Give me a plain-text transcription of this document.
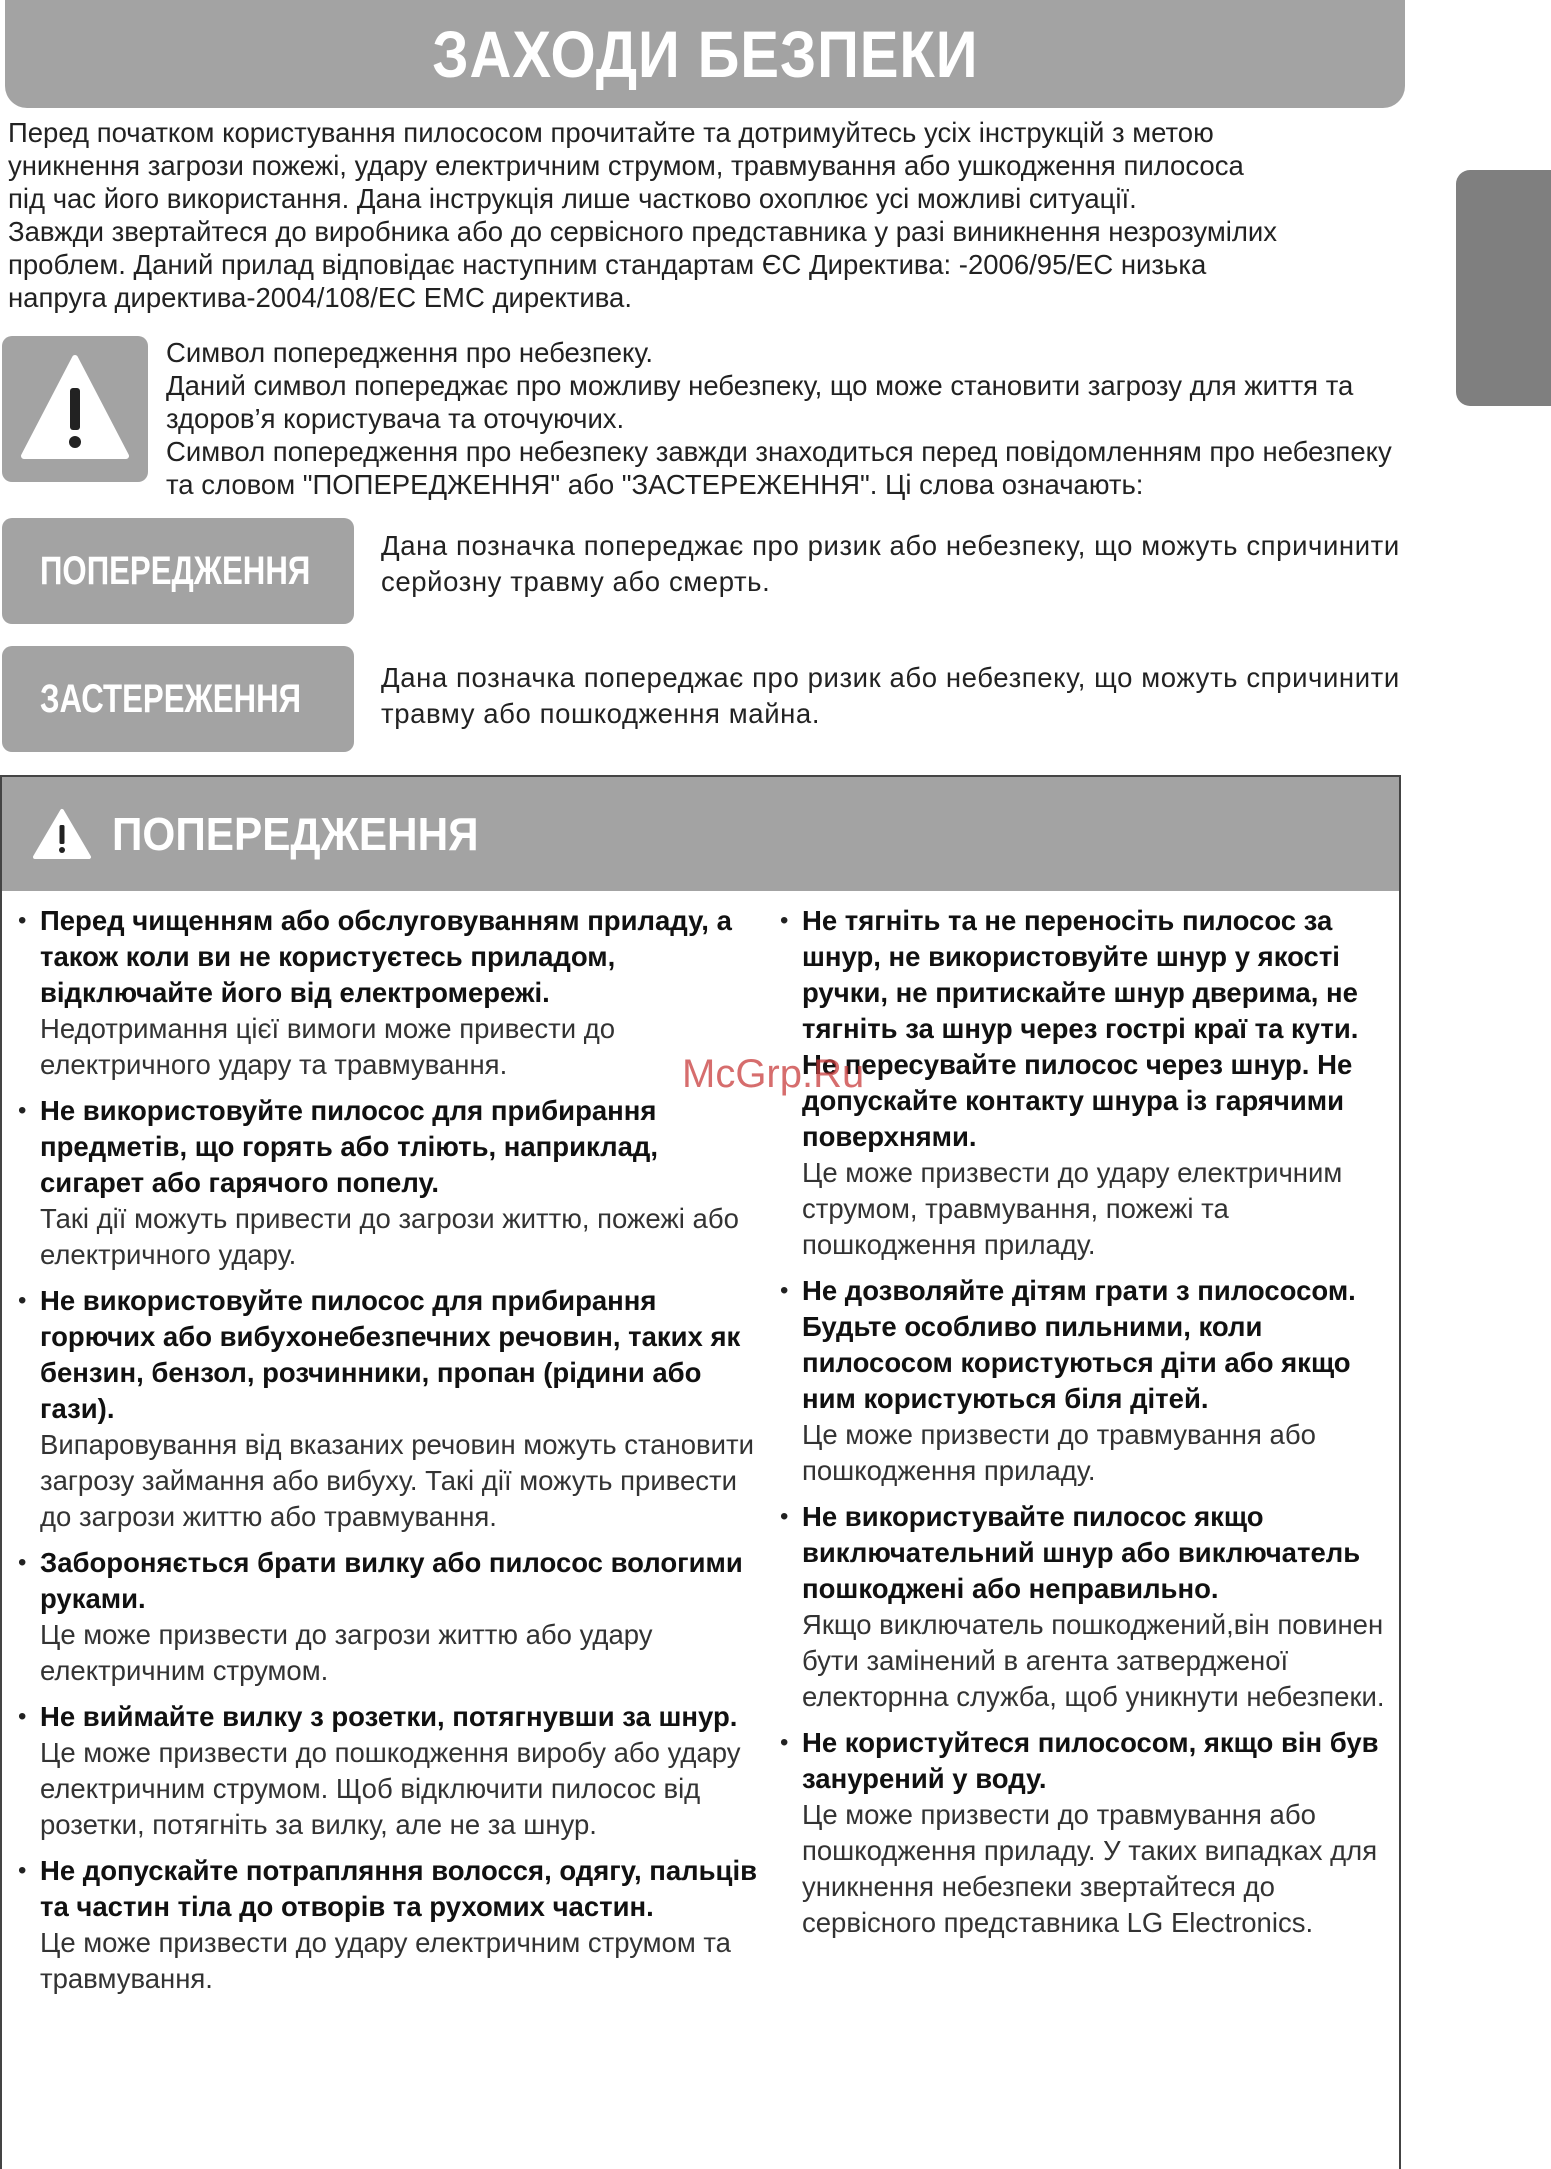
ЗАХОДИ БЕЗПЕКИ

Перед початком користування пилососом прочитайте та дотримуйтесь усіх інструкцій з метою
уникнення загрози пожежі, удару електричним струмом, травмування або ушкодження пилососа
під час його використання. Дана інструкція лише частково охоплює усі можливі ситуації.
Завжди звертайтеся до виробника або до сервісного представника у разі виникнення незрозумілих
проблем. Даний прилад відповідає наступним стандартам ЄС Директива: -2006/95/EC низька
напруга директива-2004/108/EC EMC директива.

Символ попередження про небезпеку.

Даний символ попереджає про можливу небезпеку, що може становити загрозу для життя та здоров’я користувача та оточуючих.

Символ попередження про небезпеку завжди знаходиться перед повідомленням про небезпеку та словом "ПОПЕРЕДЖЕННЯ" або "ЗАСТЕРЕЖЕННЯ". Ці слова означають:

ПОПЕРЕДЖЕННЯ

Дана позначка попереджає про ризик або небезпеку, що можуть спричинити серйозну травму або смерть.

ЗАСТЕРЕЖЕННЯ	Дана позначка попереджає про ризик або небезпеку, що можуть спричинити травму або пошкодження майна.

ПОПЕРЕДЖЕННЯ
• Перед чищенням або обслуговуванням приладу, а також коли ви не користуєтесь приладом, відключайте його від електромережі.
Недотримання цієї вимоги може привести до електричного удару та травмування.
• Не використовуйте пилосос для прибирання предметів, що горять або тліють, наприклад, сигарет або гарячого попелу.
Такі дії можуть привести до загрози життю, пожежі або електричного удару.
• Не використовуйте пилосос для прибирання горючих або вибухонебезпечних речовин, таких як бензин, бензол, розчинники, пропан (рідини або гази).
Випаровування від вказаних речовин можуть становити загрозу займання або вибуху. Такі дії можуть привести до загрози життю або травмування.
• Забороняється брати вилку або пилосос вологими руками.
Це може призвести до загрози життю або удару електричним струмом.
• Не виймайте вилку з розетки, потягнувши за шнур.
Це може призвести до пошкодження виробу або удару електричним струмом. Щоб відключити пилосос від розетки, потягніть за вилку, але не за шнур.
• Не допускайте потрапляння волосся, одягу, пальців та частин тіла до отворів та рухомих частин.
Це може призвести до удару електричним струмом та травмування.
• Не тягніть та не переносіть пилосос за шнур, не використовуйте шнур у якості ручки, не притискайте шнур дверима, не тягніть за шнур через гострі краї та кути. Не пересувайте пилосос через шнур. Не допускайте контакту шнура із гарячими поверхнями.
Це може призвести до удару електричним струмом, травмування, пожежі та пошкодження приладу.
• Не дозволяйте дітям грати з пилососом. Будьте особливо пильними, коли пилососом користуються діти або якщо ним користуються біля дітей.
Це може призвести до травмування або пошкодження приладу.
• Не використувайте пилосос якщо виключательний шнур або виключатель пошкоджені або неправильно.
Якщо виключатель пошкоджений,він повинен бути замінений в агента затвердженої електорнна служба, щоб уникнути небезпеки.
• Не користуйтеся пилососом, якщо він був занурений у воду.
Це може призвести до травмування або пошкодження приладу. У таких випадках для уникнення небезпеки звертайтеся до сервісного представника LG Electronics.
McGrp.Ru
